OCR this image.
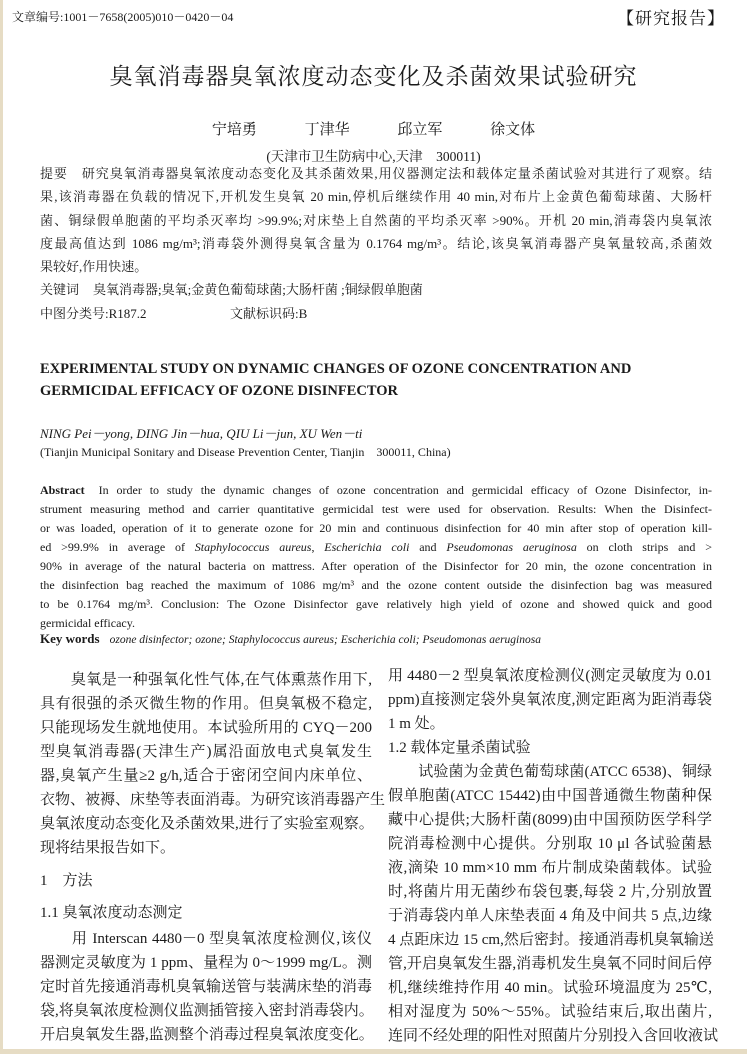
文章编号:1001－7658(2005)010－0420－04	【研究报告】
臭氧消毒器臭氧浓度动态变化及杀菌效果试验研究
宁培勇	丁津华	邱立军	徐文体
(天津市卫生防病中心,天津　300011)
提要 研究臭氧消毒器臭氧浓度动态变化及其杀菌效果,用仪器测定法和载体定量杀菌试验对其进行了观察。结
果,该消毒器在负载的情况下,开机发生臭氧 20 min,停机后继续作用 40 min,对布片上金黄色葡萄球菌、大肠杆
菌、铜绿假单胞菌的平均杀灭率均 >99.9%;对床垫上自然菌的平均杀灭率 >90%。开机 20 min,消毒袋内臭氧浓
度最高值达到 1086 mg/m³;消毒袋外测得臭氧含量为 0.1764 mg/m³。结论,该臭氧消毒器产臭氧量较高,杀菌效
果较好,作用快速。
关键词 臭氧消毒器;臭氧;金黄色葡萄球菌;大肠杆菌 ;铜绿假单胞菌
中图分类号:R187.2	文献标识码:B
EXPERIMENTAL STUDY ON DYNAMIC CHANGES OF OZONE CONCENTRATION AND
GERMICIDAL EFFICACY OF OZONE DISINFECTOR
NING Pei－yong, DING Jin－hua, QIU Li－jun, XU Wen－ti
(Tianjin Municipal Sonitary and Disease Prevention Center, Tianjin　300011, China)
Abstract In order to study the dynamic changes of ozone concentration and germicidal efficacy of Ozone Disinfector, in-
strument measuring method and carrier quantitative germicidal test were used for observation. Results: When the Disinfect-
or was loaded, operation of it to generate ozone for 20 min and continuous disinfection for 40 min after stop of operation kill-
ed >99.9% in average of Staphylococcus aureus, Escherichia coli and Pseudomonas aeruginosa on cloth strips and >
90% in average of the natural bacteria on mattress. After operation of the Disinfector for 20 min, the ozone concentration in
the disinfection bag reached the maximum of 1086 mg/m³ and the ozone content outside the disinfection bag was measured
to be 0.1764 mg/m³. Conclusion: The Ozone Disinfector gave relatively high yield of ozone and showed quick and good
germicidal efficacy.
Key words ozone disinfector; ozone; Staphylococcus aureus; Escherichia coli; Pseudomonas aeruginosa
　　臭氧是一种强氧化性气体,在气体熏蒸作用下,
具有很强的杀灭微生物的作用。但臭氧极不稳定,
只能现场发生就地使用。本试验所用的 CYQ－200
型臭氧消毒器(天津生产)属沿面放电式臭氧发生
器,臭氧产生量≥2 g/h,适合于密闭空间内床单位、
衣物、被褥、床垫等表面消毒。为研究该消毒器产生
臭氧浓度动态变化及杀菌效果,进行了实验室观察。
现将结果报告如下。
1　方法
1.1 臭氧浓度动态测定
　　用 Interscan 4480－0 型臭氧浓度检测仪,该仪
器测定灵敏度为 1 ppm、量程为 0～1999 mg/L。测
定时首先接通消毒机臭氧输送管与装满床垫的消毒
袋,将臭氧浓度检测仪监测插管接入密封消毒袋内。
开启臭氧发生器,监测整个消毒过程臭氧浓度变化。
用 4480－2 型臭氧浓度检测仪(测定灵敏度为 0.01
ppm)直接测定袋外臭氧浓度,测定距离为距消毒袋
1 m 处。
1.2 载体定量杀菌试验
　　试验菌为金黄色葡萄球菌(ATCC 6538)、铜绿
假单胞菌(ATCC 15442)由中国普通微生物菌种保
藏中心提供;大肠杆菌(8099)由中国预防医学科学
院消毒检测中心提供。分别取 10 μl 各试验菌悬
液,滴染 10 mm×10 mm 布片制成染菌载体。试验
时,将菌片用无菌纱布袋包裹,每袋 2 片,分别放置
于消毒袋内单人床垫表面 4 角及中间共 5 点,边缘
4 点距床边 15 cm,然后密封。接通消毒机臭氧输送
管,开启臭氧发生器,消毒机发生臭氧不同时间后停
机,继续维持作用 40 min。试验环境温度为 25℃,
相对湿度为 50%～55%。试验结束后,取出菌片,
连同不经处理的阳性对照菌片分别投入含回收液试
